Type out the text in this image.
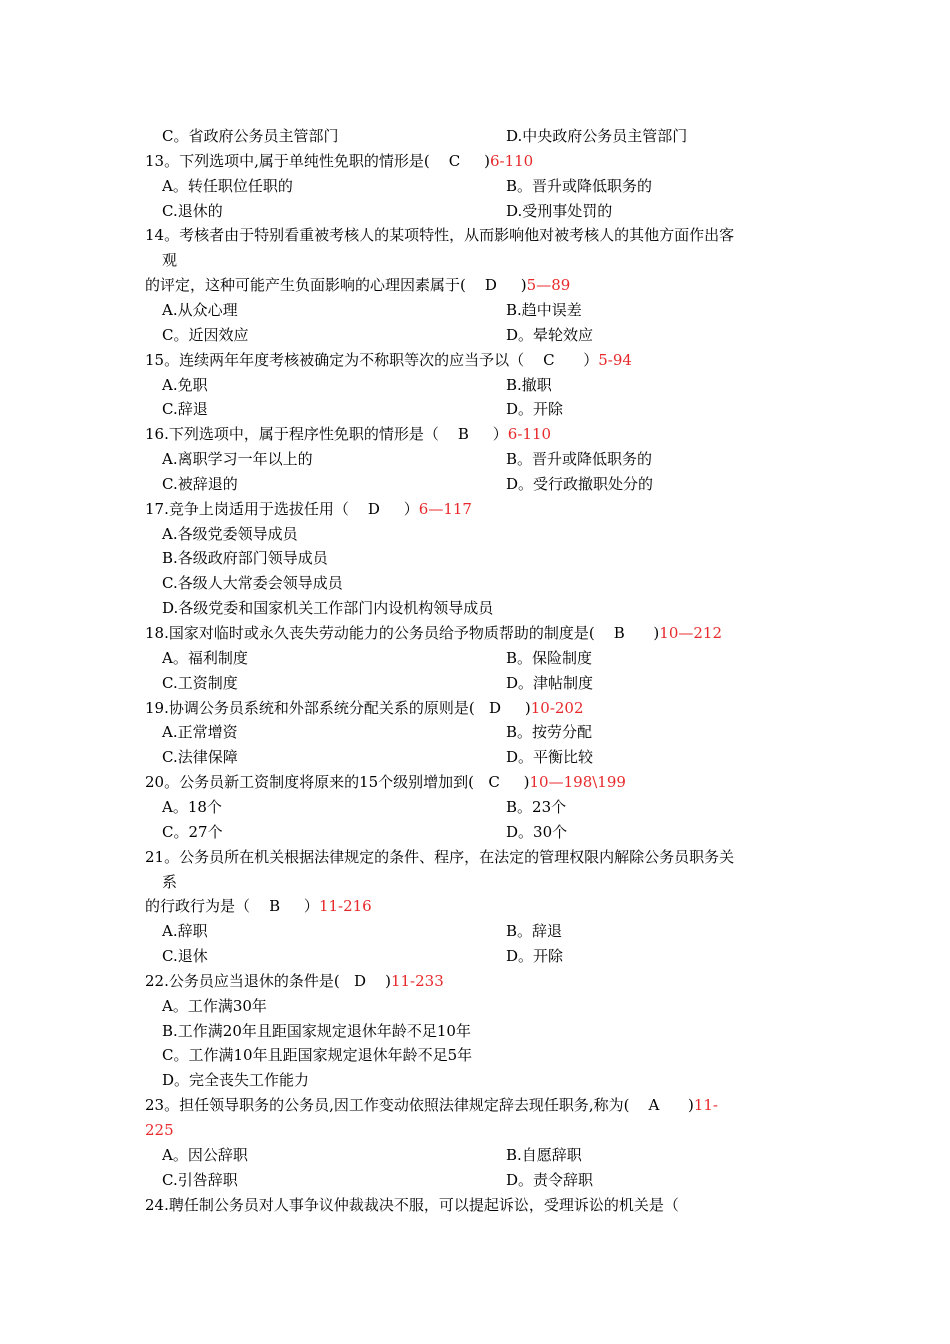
C。省政府公务员主管部门	D.中央政府公务员主管部门
13。下列选项中,属于单纯性免职的情形是(    C     )6-110
A。转任职位任职的	B。晋升或降低职务的
C.退休的	D.受刑事处罚的
14。考核者由于特别看重被考核人的某项特性，从而影响他对被考核人的其他方面作出客
观
的评定，这种可能产生负面影响的心理因素属于(    D     )5—89
A.从众心理	B.趋中误差
C。近因效应	D。晕轮效应
15。连续两年年度考核被确定为不称职等次的应当予以（    C      ）5-94
A.免职	B.撤职
C.辞退	D。开除
16.下列选项中，属于程序性免职的情形是（    B     ）6-110
A.离职学习一年以上的	B。晋升或降低职务的
C.被辞退的	D。受行政撤职处分的
17.竞争上岗适用于选拔任用（    D     ）6—117
A.各级党委领导成员
B.各级政府部门领导成员
C.各级人大常委会领导成员
D.各级党委和国家机关工作部门内设机构领导成员
18.国家对临时或永久丧失劳动能力的公务员给予物质帮助的制度是(    B      )10—212
A。福利制度	B。保险制度
C.工资制度	D。津帖制度
19.协调公务员系统和外部系统分配关系的原则是(   D     )10-202
A.正常增资	B。按劳分配
C.法律保障	D。平衡比较
20。公务员新工资制度将原来的15个级别增加到(   C     )10—198\199
A。18个	B。23个
C。27个	D。30个
21。公务员所在机关根据法律规定的条件、程序，在法定的管理权限内解除公务员职务关
系
的行政行为是（    B     ）11-216
A.辞职	B。辞退
C.退休	D。开除
22.公务员应当退休的条件是(   D    )11-233
A。工作满30年
B.工作满20年且距国家规定退休年龄不足10年
C。工作满10年且距国家规定退休年龄不足5年
D。完全丧失工作能力
23。担任领导职务的公务员,因工作变动依照法律规定辞去现任职务,称为(    A      )11-
225
A。因公辞职	B.自愿辞职
C.引咎辞职	D。责令辞职
24.聘任制公务员对人事争议仲裁裁决不服，可以提起诉讼，受理诉讼的机关是（
